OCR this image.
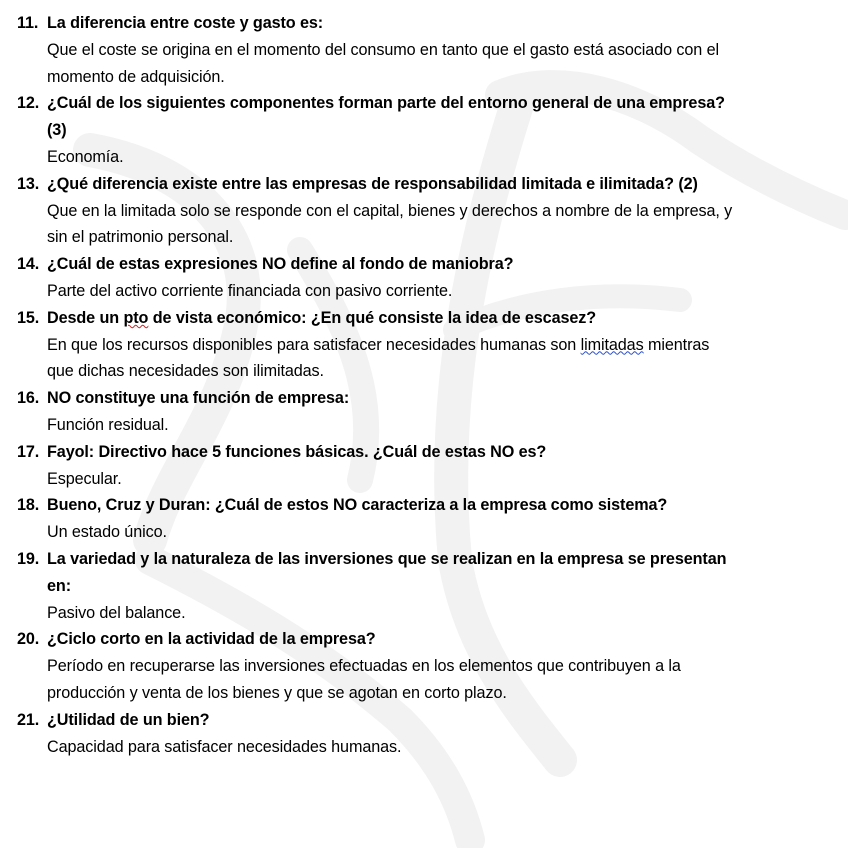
11. La diferencia entre coste y gasto es:
Que el coste se origina en el momento del consumo en tanto que el gasto está asociado con el momento de adquisición.
12. ¿Cuál de los siguientes componentes forman parte del entorno general de una empresa? (3)
Economía.
13. ¿Qué diferencia existe entre las empresas de responsabilidad limitada e ilimitada? (2)
Que en la limitada solo se responde con el capital, bienes y derechos a nombre de la empresa, y sin el patrimonio personal.
14. ¿Cuál de estas expresiones NO define al fondo de maniobra?
Parte del activo corriente financiada con pasivo corriente.
15. Desde un pto de vista económico: ¿En qué consiste la idea de escasez?
En que los recursos disponibles para satisfacer necesidades humanas son limitadas mientras que dichas necesidades son ilimitadas.
16. NO constituye una función de empresa:
Función residual.
17. Fayol: Directivo hace 5 funciones básicas. ¿Cuál de estas NO es?
Especular.
18. Bueno, Cruz y Duran: ¿Cuál de estos NO caracteriza a la empresa como sistema?
Un estado único.
19. La variedad y la naturaleza de las inversiones que se realizan en la empresa se presentan en:
Pasivo del balance.
20. ¿Ciclo corto en la actividad de la empresa?
Período en recuperarse las inversiones efectuadas en los elementos que contribuyen a la producción y venta de los bienes y que se agotan en corto plazo.
21. ¿Utilidad de un bien?
Capacidad para satisfacer necesidades humanas.
